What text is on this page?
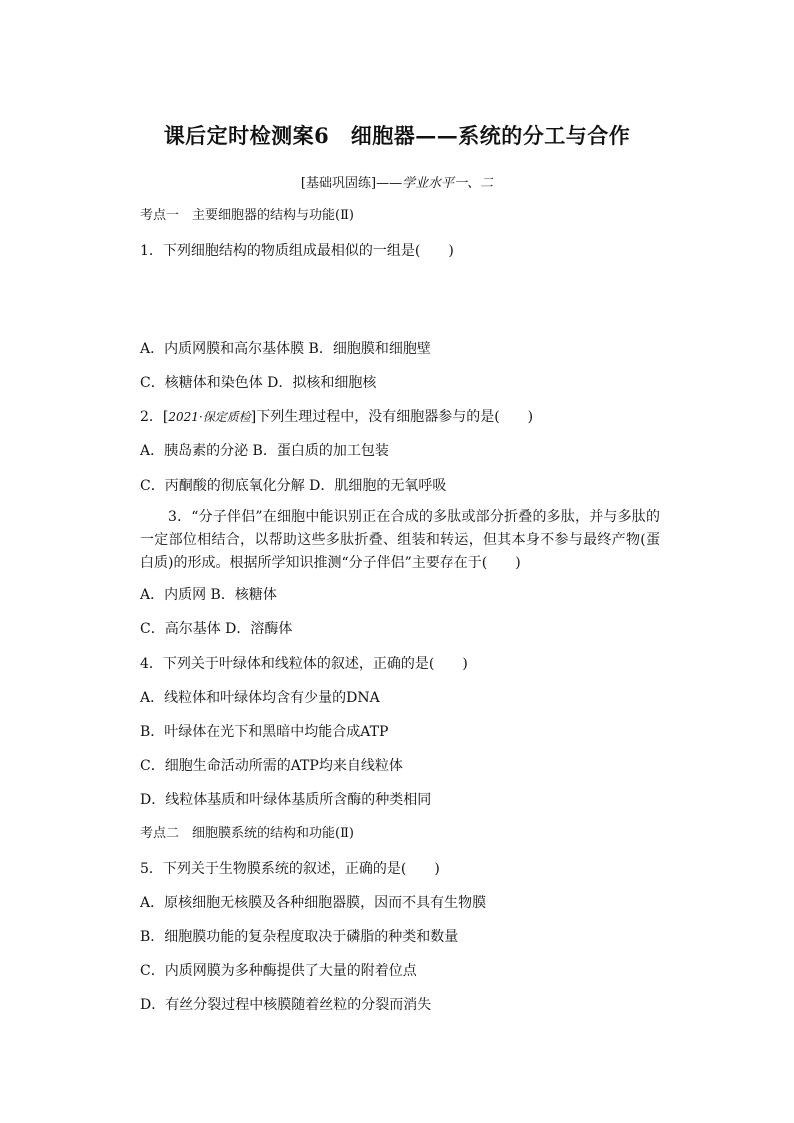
课后定时检测案6　细胞器——系统的分工与合作
[基础巩固练]——学业水平一、二
考点一　主要细胞器的结构与功能(Ⅱ)
1．下列细胞结构的物质组成最相似的一组是(　　)
A．内质网膜和高尔基体膜 B．细胞膜和细胞壁
C．核糖体和染色体 D．拟核和细胞核
2．[2021·保定质检]下列生理过程中，没有细胞器参与的是(　　)
A．胰岛素的分泌 B．蛋白质的加工包装
C．丙酮酸的彻底氧化分解 D．肌细胞的无氧呼吸
3．“分子伴侣”在细胞中能识别正在合成的多肽或部分折叠的多肽，并与多肽的一定部位相结合，以帮助这些多肽折叠、组装和转运，但其本身不参与最终产物(蛋白质)的形成。根据所学知识推测“分子伴侣”主要存在于(　　)
A．内质网 B．核糖体
C．高尔基体 D．溶酶体
4．下列关于叶绿体和线粒体的叙述，正确的是(　　)
A．线粒体和叶绿体均含有少量的DNA
B．叶绿体在光下和黑暗中均能合成ATP
C．细胞生命活动所需的ATP均来自线粒体
D．线粒体基质和叶绿体基质所含酶的种类相同
考点二　细胞膜系统的结构和功能(Ⅱ)
5．下列关于生物膜系统的叙述，正确的是(　　)
A．原核细胞无核膜及各种细胞器膜，因而不具有生物膜
B．细胞膜功能的复杂程度取决于磷脂的种类和数量
C．内质网膜为多种酶提供了大量的附着位点
D．有丝分裂过程中核膜随着丝粒的分裂而消失
